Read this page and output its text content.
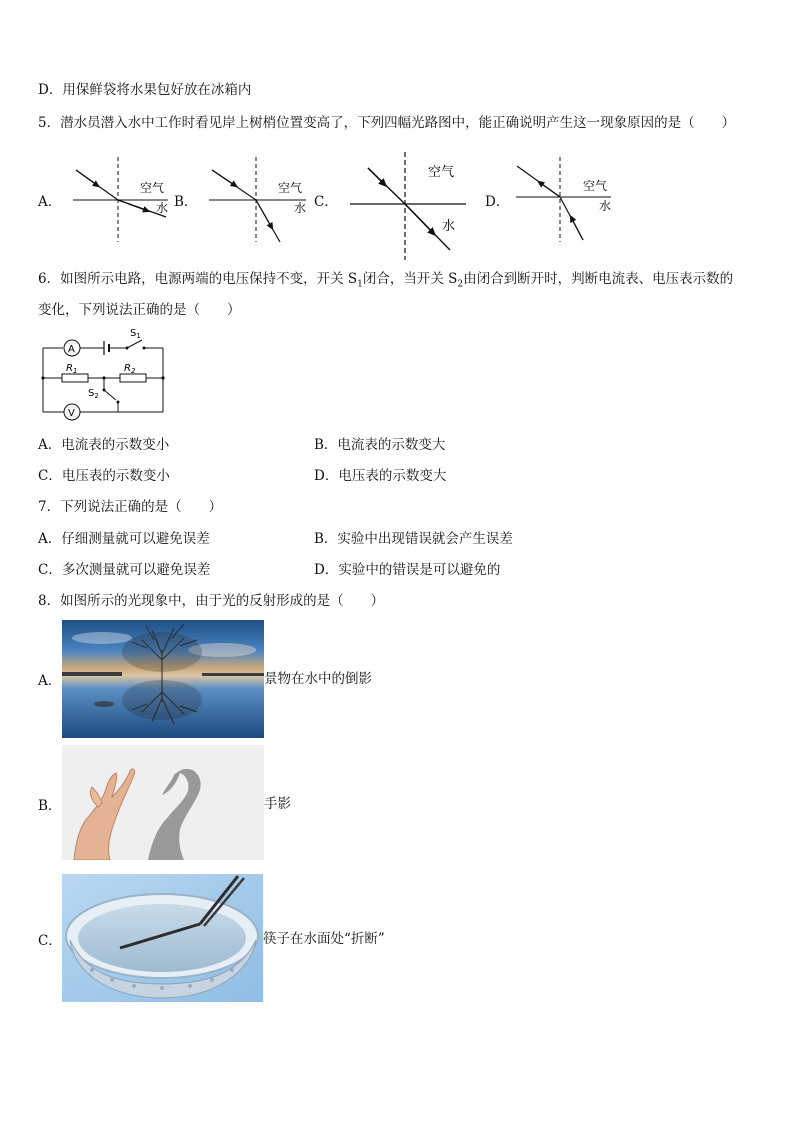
D．用保鲜袋将水果包好放在冰箱内
5．潜水员潜入水中工作时看见岸上树梢位置变高了，下列四幅光路图中，能正确说明产生这一现象原因的是（　　）
A．	B．	C．	D．
空气
水
空气
水
空气
水
空气
水
6．如图所示电路，电源两端的电压保持不变，开关 $S_1$闭合，当开关 $S_2$由闭合到断开时，判断电流表、电压表示数的
变化，下列说法正确的是（　　）
A
$S_1$
$R_1$	$R_2$
$S_2$
V
A．电流表的示数变小	B．电流表的示数变大
C．电压表的示数变小	D．电压表的示数变大
7．下列说法正确的是（　　）
A．仔细测量就可以避免误差	B．实验中出现错误就会产生误差
C．多次测量就可以避免误差	D．实验中的错误是可以避免的
8．如图所示的光现象中，由于光的反射形成的是（　　）
A．	景物在水中的倒影
B．	手影
C．	筷子在水面处“折断”
